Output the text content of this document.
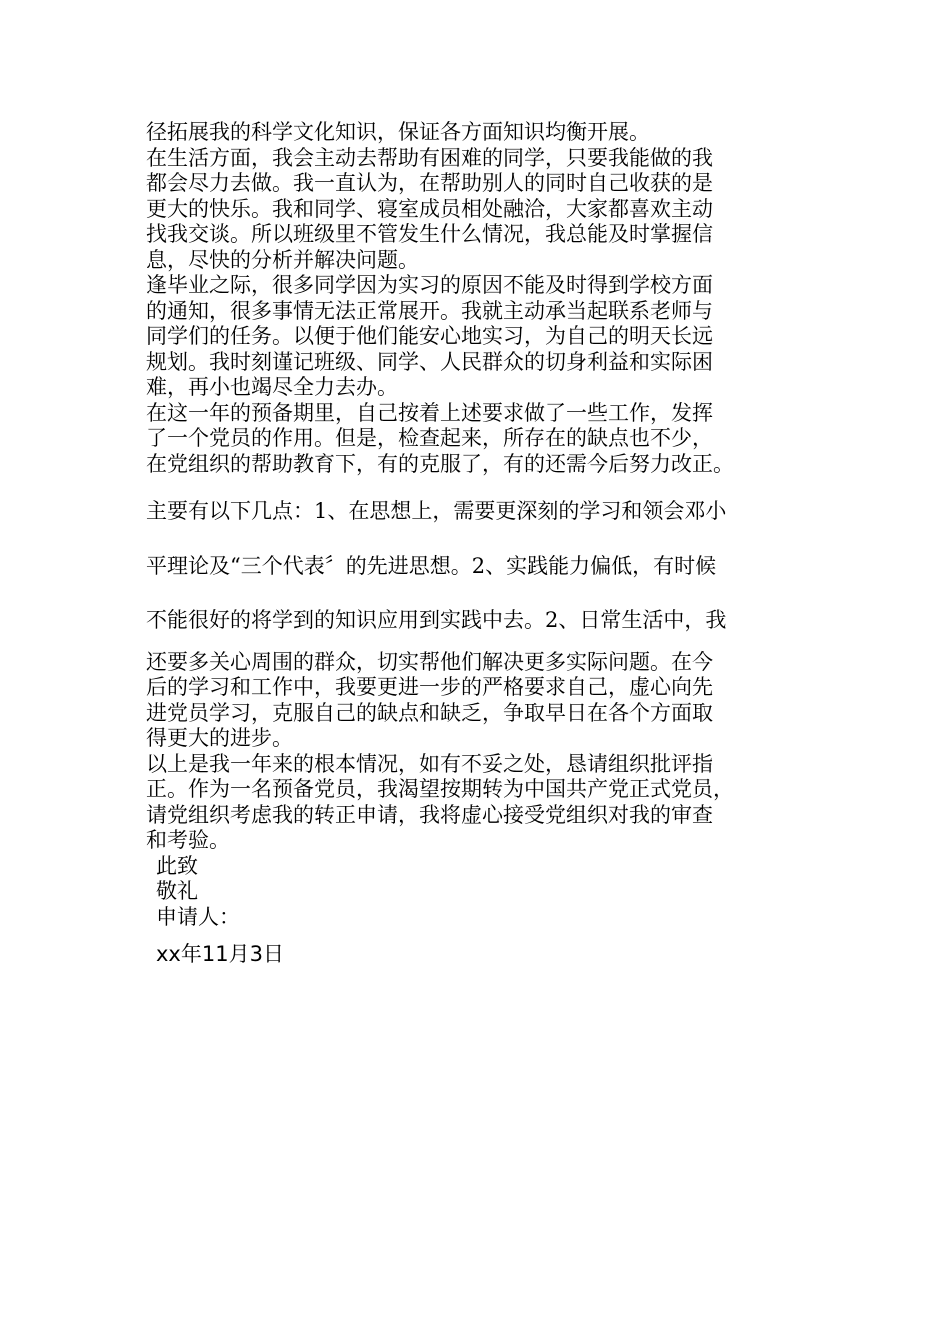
径拓展我的科学文化知识，保证各方面知识均衡开展。

在生活方面，我会主动去帮助有困难的同学，只要我能做的我

都会尽力去做。我一直认为，在帮助别人的同时自己收获的是

更大的快乐。我和同学、寝室成员相处融洽，大家都喜欢主动

找我交谈。所以班级里不管发生什么情况，我总能及时掌握信

息，尽快的分析并解决问题。

逢毕业之际，很多同学因为实习的原因不能及时得到学校方面

的通知，很多事情无法正常展开。我就主动承当起联系老师与

同学们的任务。以便于他们能安心地实习，为自己的明天长远

规划。我时刻谨记班级、同学、人民群众的切身利益和实际困

难，再小也竭尽全力去办。

在这一年的预备期里，自己按着上述要求做了一些工作，发挥

了一个党员的作用。但是，检查起来，所存在的缺点也不少，

在党组织的帮助教育下，有的克服了，有的还需今后努力改正。

主要有以下几点：1、在思想上，需要更深刻的学习和领会邓小

平理论及“三个代表〞的先进思想。2、实践能力偏低，有时候

不能很好的将学到的知识应用到实践中去。2、日常生活中，我

还要多关心周围的群众，切实帮他们解决更多实际问题。在今

后的学习和工作中，我要更进一步的严格要求自己，虚心向先

进党员学习，克服自己的缺点和缺乏，争取早日在各个方面取

得更大的进步。

以上是我一年来的根本情况，如有不妥之处，恳请组织批评指

正。作为一名预备党员，我渴望按期转为中国共产党正式党员，

请党组织考虑我的转正申请，我将虚心接受党组织对我的审查

和考验。

此致

敬礼

申请人：

xx年11月3日
